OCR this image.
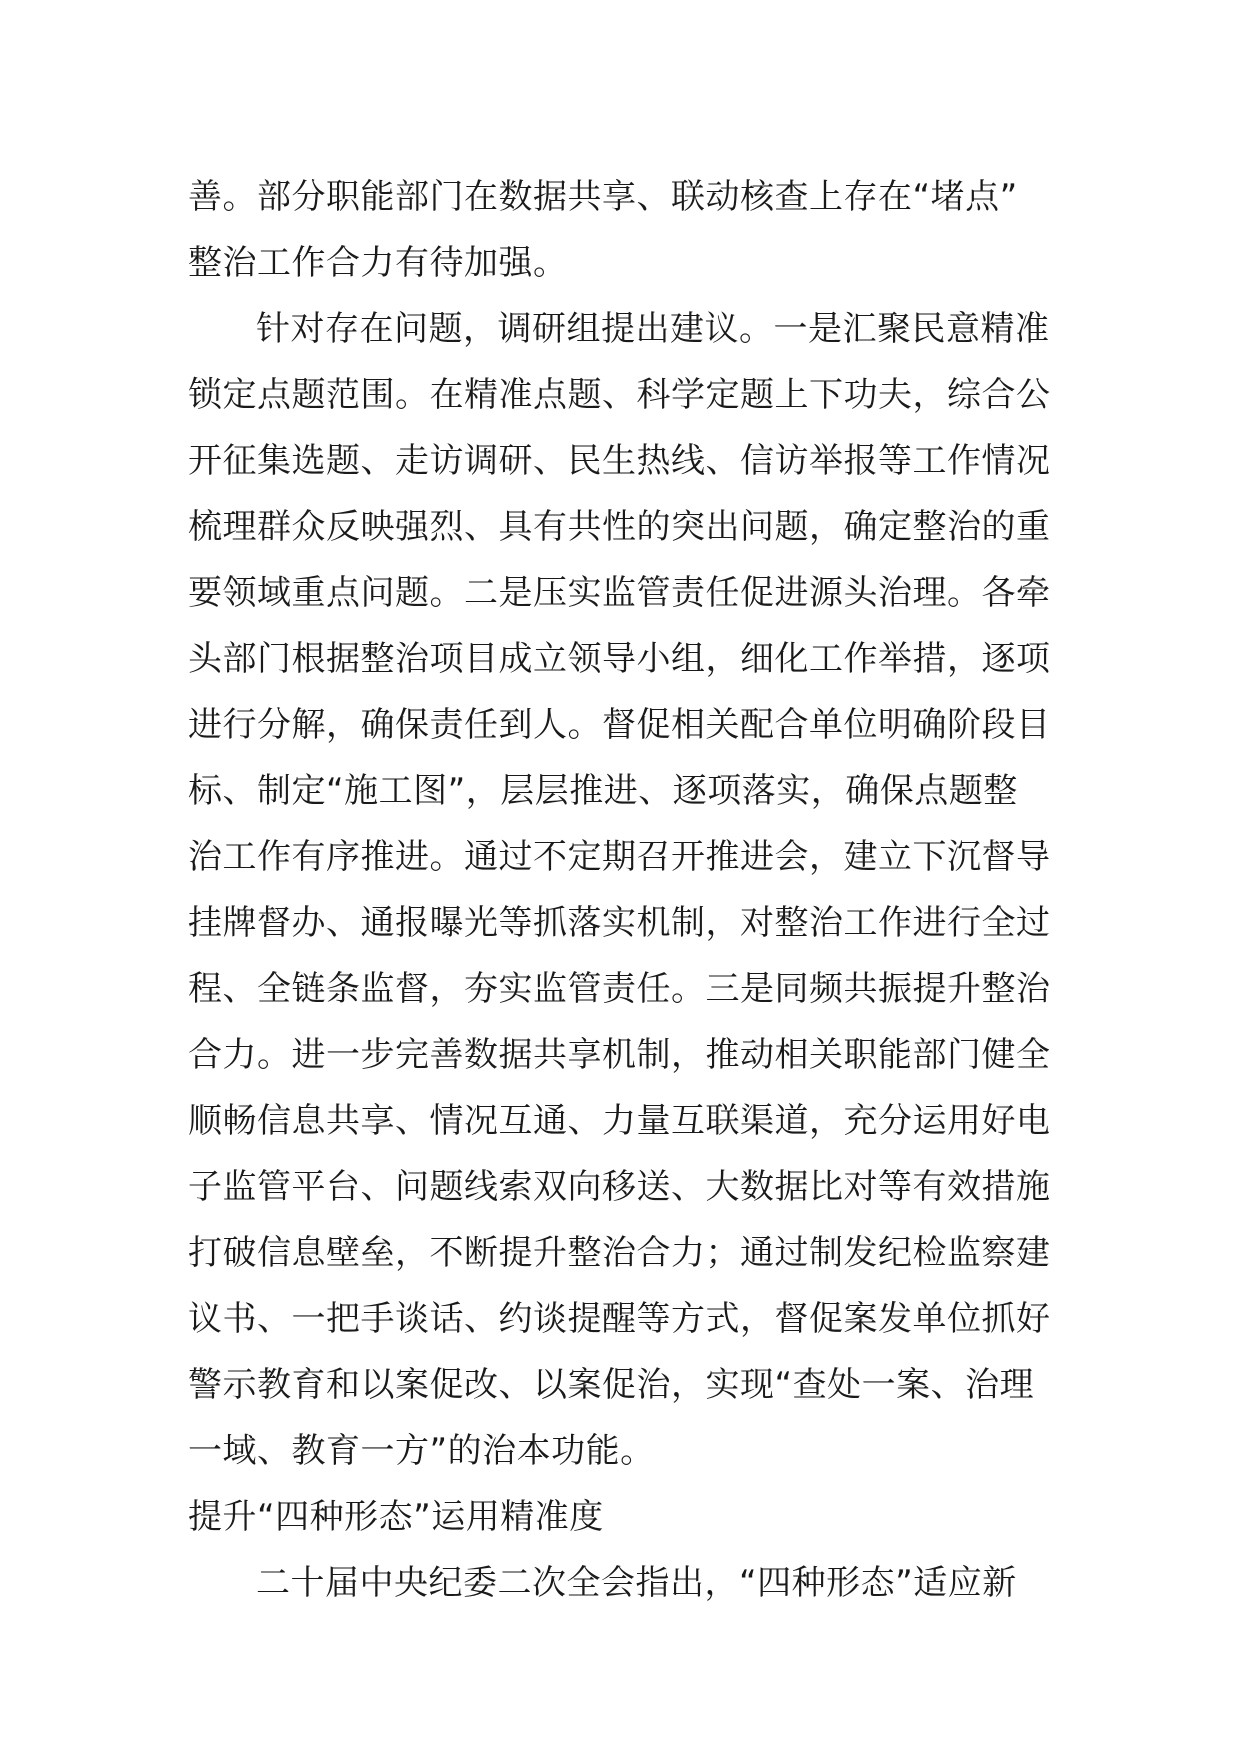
善。部分职能部门在数据共享、联动核查上存在“堵点”
整治工作合力有待加强。
针对存在问题，调研组提出建议。一是汇聚民意精准
锁定点题范围。在精准点题、科学定题上下功夫，综合公
开征集选题、走访调研、民生热线、信访举报等工作情况
梳理群众反映强烈、具有共性的突出问题，确定整治的重
要领域重点问题。二是压实监管责任促进源头治理。各牵
头部门根据整治项目成立领导小组，细化工作举措，逐项
进行分解，确保责任到人。督促相关配合单位明确阶段目
标、制定“施工图”，层层推进、逐项落实，确保点题整
治工作有序推进。通过不定期召开推进会，建立下沉督导
挂牌督办、通报曝光等抓落实机制，对整治工作进行全过
程、全链条监督，夯实监管责任。三是同频共振提升整治
合力。进一步完善数据共享机制，推动相关职能部门健全
顺畅信息共享、情况互通、力量互联渠道，充分运用好电
子监管平台、问题线索双向移送、大数据比对等有效措施
打破信息壁垒，不断提升整治合力；通过制发纪检监察建
议书、一把手谈话、约谈提醒等方式，督促案发单位抓好
警示教育和以案促改、以案促治，实现“查处一案、治理
一域、教育一方”的治本功能。
提升“四种形态”运用精准度
二十届中央纪委二次全会指出，“四种形态”适应新
